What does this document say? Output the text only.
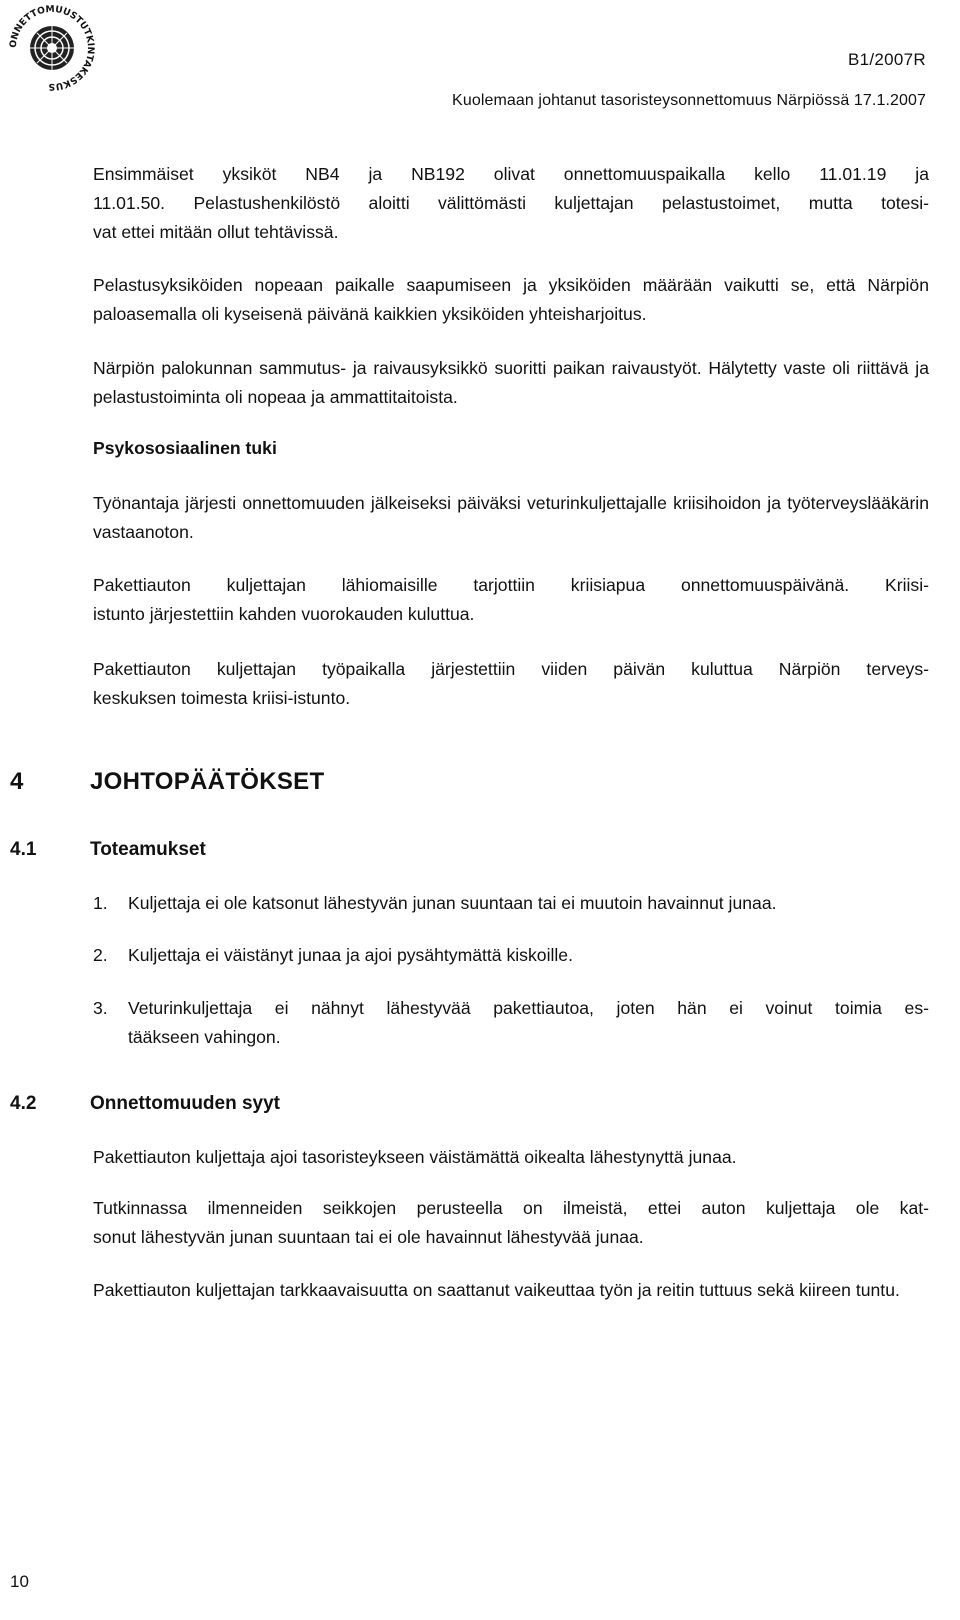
ONNETTOMUUSTUTKINTAKESKUS
B1/2007R
Kuolemaan johtanut tasoristeysonnettomuus Närpiössä 17.1.2007

Ensimmäiset yksiköt NB4 ja NB192 olivat onnettomuuspaikalla kello 11.01.19 ja

11.01.50. Pelastushenkilöstö aloitti välittömästi kuljettajan pelastustoimet, mutta totesi-

vat ettei mitään ollut tehtävissä.

Pelastusyksiköiden nopeaan paikalle saapumiseen ja yksiköiden määrään vaikutti se, että Närpiön paloasemalla oli kyseisenä päivänä kaikkien yksiköiden yhteisharjoitus.

Närpiön palokunnan sammutus- ja raivausyksikkö suoritti paikan raivaustyöt. Hälytetty vaste oli riittävä ja pelastustoiminta oli nopeaa ja ammattitaitoista.

Psykososiaalinen tuki

Työnantaja järjesti onnettomuuden jälkeiseksi päiväksi veturinkuljettajalle kriisihoidon ja työterveyslääkärin vastaanoton.

Pakettiauton kuljettajan lähiomaisille tarjottiin kriisiapua onnettomuuspäivänä. Kriisi-

istunto järjestettiin kahden vuorokauden kuluttua.

Pakettiauton kuljettajan työpaikalla järjestettiin viiden päivän kuluttua Närpiön terveys-

keskuksen toimesta kriisi-istunto.

4	JOHTOPÄÄTÖKSET
4.1	Toteamukset
1. Kuljettaja ei ole katsonut lähestyvän junan suuntaan tai ei muutoin havainnut junaa.
2. Kuljettaja ei väistänyt junaa ja ajoi pysähtymättä kiskoille.
3. Veturinkuljettaja ei nähnyt lähestyvää pakettiautoa, joten hän ei voinut toimia es-
tääkseen vahingon.
4.2	Onnettomuuden syyt

Pakettiauton kuljettaja ajoi tasoristeykseen väistämättä oikealta lähestynyttä junaa.

Tutkinnassa ilmenneiden seikkojen perusteella on ilmeistä, ettei auton kuljettaja ole kat-

sonut lähestyvän junan suuntaan tai ei ole havainnut lähestyvää junaa.

Pakettiauton kuljettajan tarkkaavaisuutta on saattanut vaikeuttaa työn ja reitin tuttuus sekä kiireen tuntu.

10
